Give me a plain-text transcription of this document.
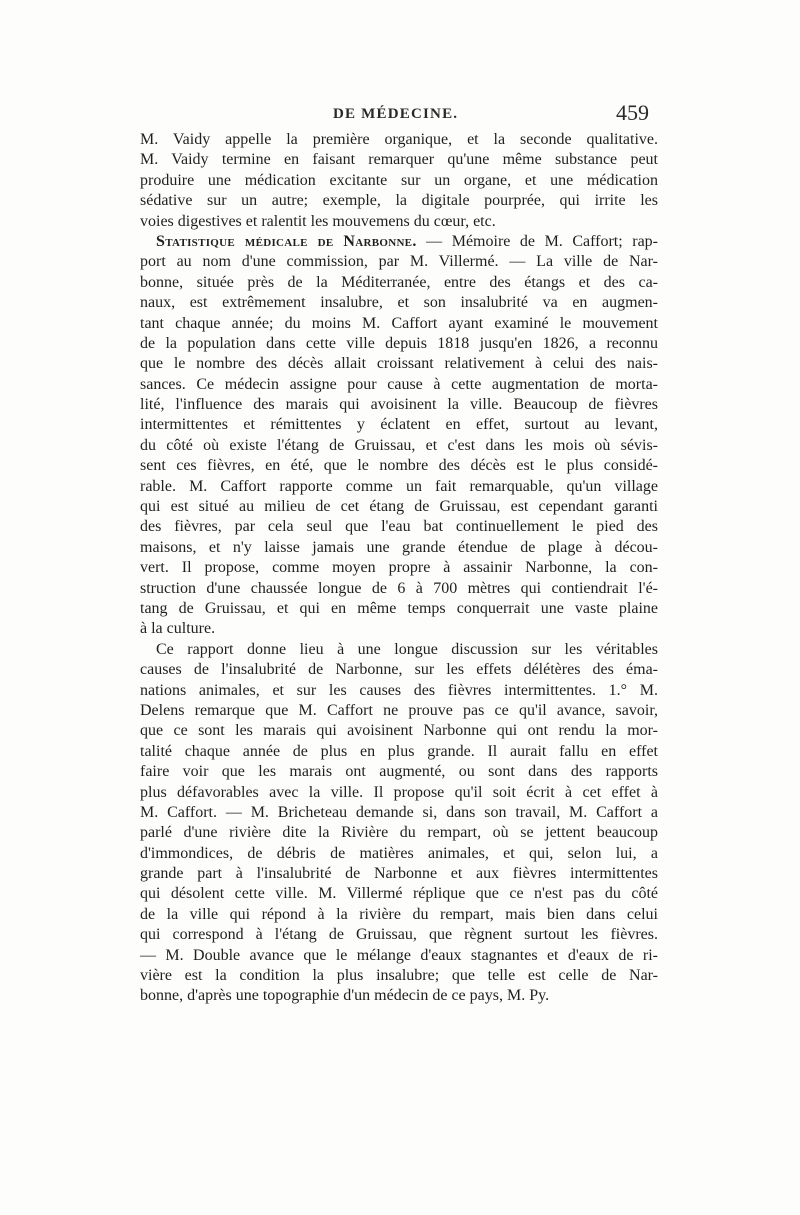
DE MÉDECINE.	459
M. Vaidy appelle la première organique, et la seconde qualitative.
M. Vaidy termine en faisant remarquer qu'une même substance peut
produire une médication excitante sur un organe, et une médication
sédative sur un autre; exemple, la digitale pourprée, qui irrite les
voies digestives et ralentit les mouvemens du cœur, etc.
Statistique médicale de Narbonne. — Mémoire de M. Caffort; rap-
port au nom d'une commission, par M. Villermé. — La ville de Nar-
bonne, située près de la Méditerranée, entre des étangs et des ca-
naux, est extrêmement insalubre, et son insalubrité va en augmen-
tant chaque année; du moins M. Caffort ayant examiné le mouvement
de la population dans cette ville depuis 1818 jusqu'en 1826, a reconnu
que le nombre des décès allait croissant relativement à celui des nais-
sances. Ce médecin assigne pour cause à cette augmentation de morta-
lité, l'influence des marais qui avoisinent la ville. Beaucoup de fièvres
intermittentes et rémittentes y éclatent en effet, surtout au levant,
du côté où existe l'étang de Gruissau, et c'est dans les mois où sévis-
sent ces fièvres, en été, que le nombre des décès est le plus considé-
rable. M. Caffort rapporte comme un fait remarquable, qu'un village
qui est situé au milieu de cet étang de Gruissau, est cependant garanti
des fièvres, par cela seul que l'eau bat continuellement le pied des
maisons, et n'y laisse jamais une grande étendue de plage à décou-
vert. Il propose, comme moyen propre à assainir Narbonne, la con-
struction d'une chaussée longue de 6 à 700 mètres qui contiendrait l'é-
tang de Gruissau, et qui en même temps conquerrait une vaste plaine
à la culture.
Ce rapport donne lieu à une longue discussion sur les véritables
causes de l'insalubrité de Narbonne, sur les effets délétères des éma-
nations animales, et sur les causes des fièvres intermittentes. 1.° M.
Delens remarque que M. Caffort ne prouve pas ce qu'il avance, savoir,
que ce sont les marais qui avoisinent Narbonne qui ont rendu la mor-
talité chaque année de plus en plus grande. Il aurait fallu en effet
faire voir que les marais ont augmenté, ou sont dans des rapports
plus défavorables avec la ville. Il propose qu'il soit écrit à cet effet à
M. Caffort. — M. Bricheteau demande si, dans son travail, M. Caffort a
parlé d'une rivière dite la Rivière du rempart, où se jettent beaucoup
d'immondices, de débris de matières animales, et qui, selon lui, a
grande part à l'insalubrité de Narbonne et aux fièvres intermittentes
qui désolent cette ville. M. Villermé réplique que ce n'est pas du côté
de la ville qui répond à la rivière du rempart, mais bien dans celui
qui correspond à l'étang de Gruissau, que règnent surtout les fièvres.
— M. Double avance que le mélange d'eaux stagnantes et d'eaux de ri-
vière est la condition la plus insalubre; que telle est celle de Nar-
bonne, d'après une topographie d'un médecin de ce pays, M. Py.
